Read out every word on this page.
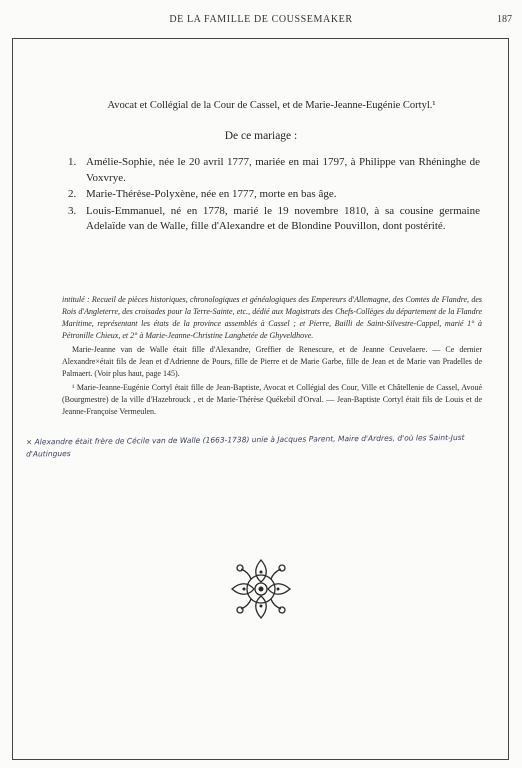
DE LA FAMILLE DE COUSSEMAKER	187
Avocat et Collégial de la Cour de Cassel, et de Marie-Jeanne-Eugénie Cortyl.¹
De ce mariage :
1. Amélie-Sophie, née le 20 avril 1777, mariée en mai 1797, à Philippe van Rhéninghe de Voxvrye.
2. Marie-Thérèse-Polyxène, née en 1777, morte en bas âge.
3. Louis-Emmanuel, né en 1778, marié le 19 novembre 1810, à sa cousine germaine Adelaïde van de Walle, fille d'Alexandre et de Blondine Pouvillon, dont postérité.

intitulé : Recueil de pièces historiques, chronologiques et généalogiques des Empereurs d'Allemagne, des Comtes de Flandre, des Rois d'Angleterre, des croisades pour la Terre-Sainte, etc., dédié aux Magistrats des Chefs-Collèges du département de la Flandre Maritime, représentant les états de la province assemblés à Cassel ; et Pierre, Bailli de Saint-Silvestre-Cappel, marié 1° à Pétronille Chieux, et 2° à Marie-Jeanne-Christine Langhetée de Ghyveldhove.

Marie-Jeanne van de Walle était fille d'Alexandre, Greffier de Renescure, et de Jeanne Ceuvelaere. — Ce dernier Alexandre×était fils de Jean et d'Adrienne de Pours, fille de Pierre et de Marie Garbe, fille de Jean et de Marie van Pradelles de Palmaert. (Voir plus haut, page 145).

¹ Marie-Jeanne-Eugénie Cortyl était fille de Jean-Baptiste, Avocat et Collégial des Cour, Ville et Châtellenie de Cassel, Avoué (Bourgmestre) de la ville d'Hazebrouck , et de Marie-Thérèse Quékebil d'Orval. — Jean-Baptiste Cortyl était fils de Louis et de Jeanne-Françoise Vermeulen.

× Alexandre était frère de Cécile van de Walle (1663-1738) unie à Jacques Parent, Maire d'Ardres, d'où les Saint-Just d'Autingues
